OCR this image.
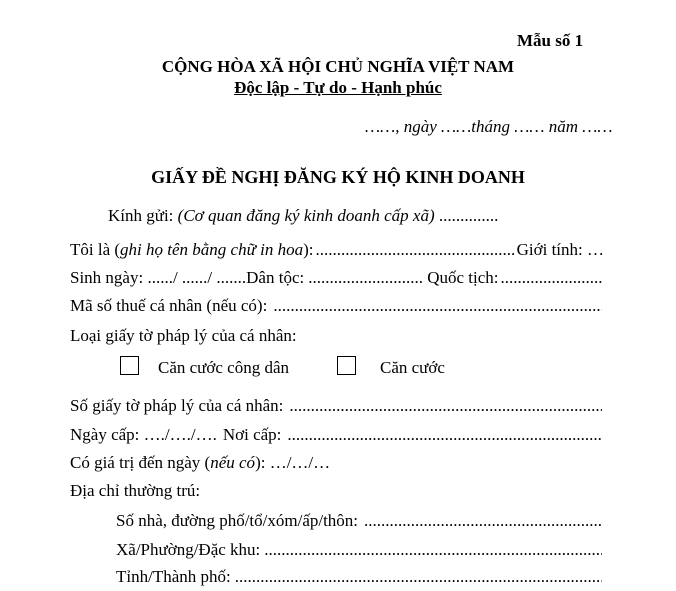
Mẫu số 1
CỘNG HÒA XÃ HỘI CHỦ NGHĨA VIỆT NAM
Độc lập - Tự do - Hạnh phúc
……, ngày ……tháng …… năm ……
GIẤY ĐỀ NGHỊ ĐĂNG KÝ HỘ KINH DOANH
Kính gửi: (Cơ quan đăng ký kinh doanh cấp xã) ..............
Tôi là (ghi họ tên bằng chữ in hoa): .....	Giới tính: …
Sinh ngày: ....../ ....../ ....... Dân tộc: .....	Quốc tịch:
.....
Mã số thuế cá nhân (nếu có):
.....
Loại giấy tờ pháp lý của cá nhân:
Căn cước công dân	Căn cước
Số giấy tờ pháp lý của cá nhân:
.....
Ngày cấp: …./…./…. Nơi cấp:
.....
Có giá trị đến ngày (nếu có): …/…/…
Địa chỉ thường trú:
Số nhà, đường phố/tổ/xóm/ấp/thôn:
.....
Xã/Phường/Đặc khu:
.....
Tỉnh/Thành phố:
.....
